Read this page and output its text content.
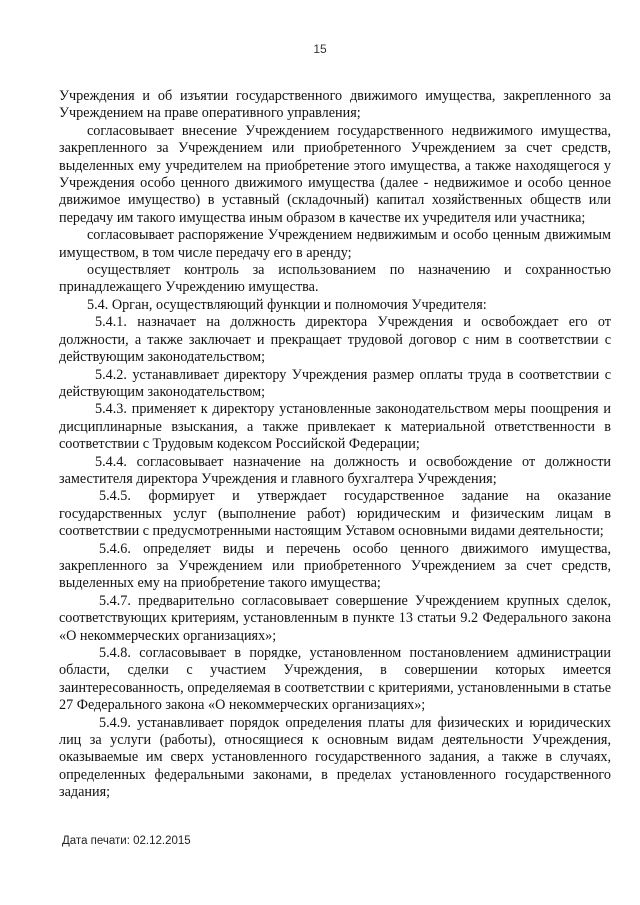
15

Учреждения и об изъятии государственного движимого имущества, закрепленного за Учреждением на праве оперативного управления;

согласовывает внесение Учреждением государственного недвижимого имущества, закрепленного за Учреждением или приобретенного Учреждением за счет средств, выделенных ему учредителем на приобретение этого имущества, а также находящегося у Учреждения особо ценного движимого имущества (далее - недвижимое и особо ценное движимое имущество) в уставный (складочный) капитал хозяйственных обществ или передачу им такого имущества иным образом в качестве их учредителя или участника;

согласовывает распоряжение Учреждением недвижимым и особо ценным движимым имуществом, в том числе передачу его в аренду;

осуществляет контроль за использованием по назначению и сохранностью принадлежащего Учреждению имущества.

5.4. Орган, осуществляющий функции и полномочия Учредителя:

5.4.1. назначает на должность директора Учреждения и освобождает его от должности, а также заключает и прекращает трудовой договор с ним в соответствии с действующим законодательством;

5.4.2. устанавливает директору Учреждения размер оплаты труда в соответствии с действующим законодательством;

5.4.3. применяет к директору установленные законодательством меры поощрения и дисциплинарные взыскания, а также привлекает к материальной ответственности в соответствии с Трудовым кодексом Российской Федерации;

5.4.4. согласовывает назначение на должность и освобождение от должности заместителя директора Учреждения и главного бухгалтера Учреждения;

5.4.5. формирует и утверждает государственное задание на оказание государственных услуг (выполнение работ) юридическим и физическим лицам в соответствии с предусмотренными настоящим Уставом основными видами деятельности;

5.4.6. определяет виды и перечень особо ценного движимого имущества, закрепленного за Учреждением или приобретенного Учреждением за счет средств, выделенных ему на приобретение такого имущества;

5.4.7. предварительно согласовывает совершение Учреждением крупных сделок, соответствующих критериям, установленным в пункте 13 статьи 9.2 Федерального закона «О некоммерческих организациях»;

5.4.8. согласовывает в порядке, установленном постановлением администрации области, сделки с участием Учреждения, в совершении которых имеется заинтересованность, определяемая в соответствии с критериями, установленными в статье 27 Федерального закона «О некоммерческих организациях»;

5.4.9. устанавливает порядок определения платы для физических и юридических лиц за услуги (работы), относящиеся к основным видам деятельности Учреждения, оказываемые им сверх установленного государственного задания, а также в случаях, определенных федеральными законами, в пределах установленного государственного задания;

Дата печати: 02.12.2015
